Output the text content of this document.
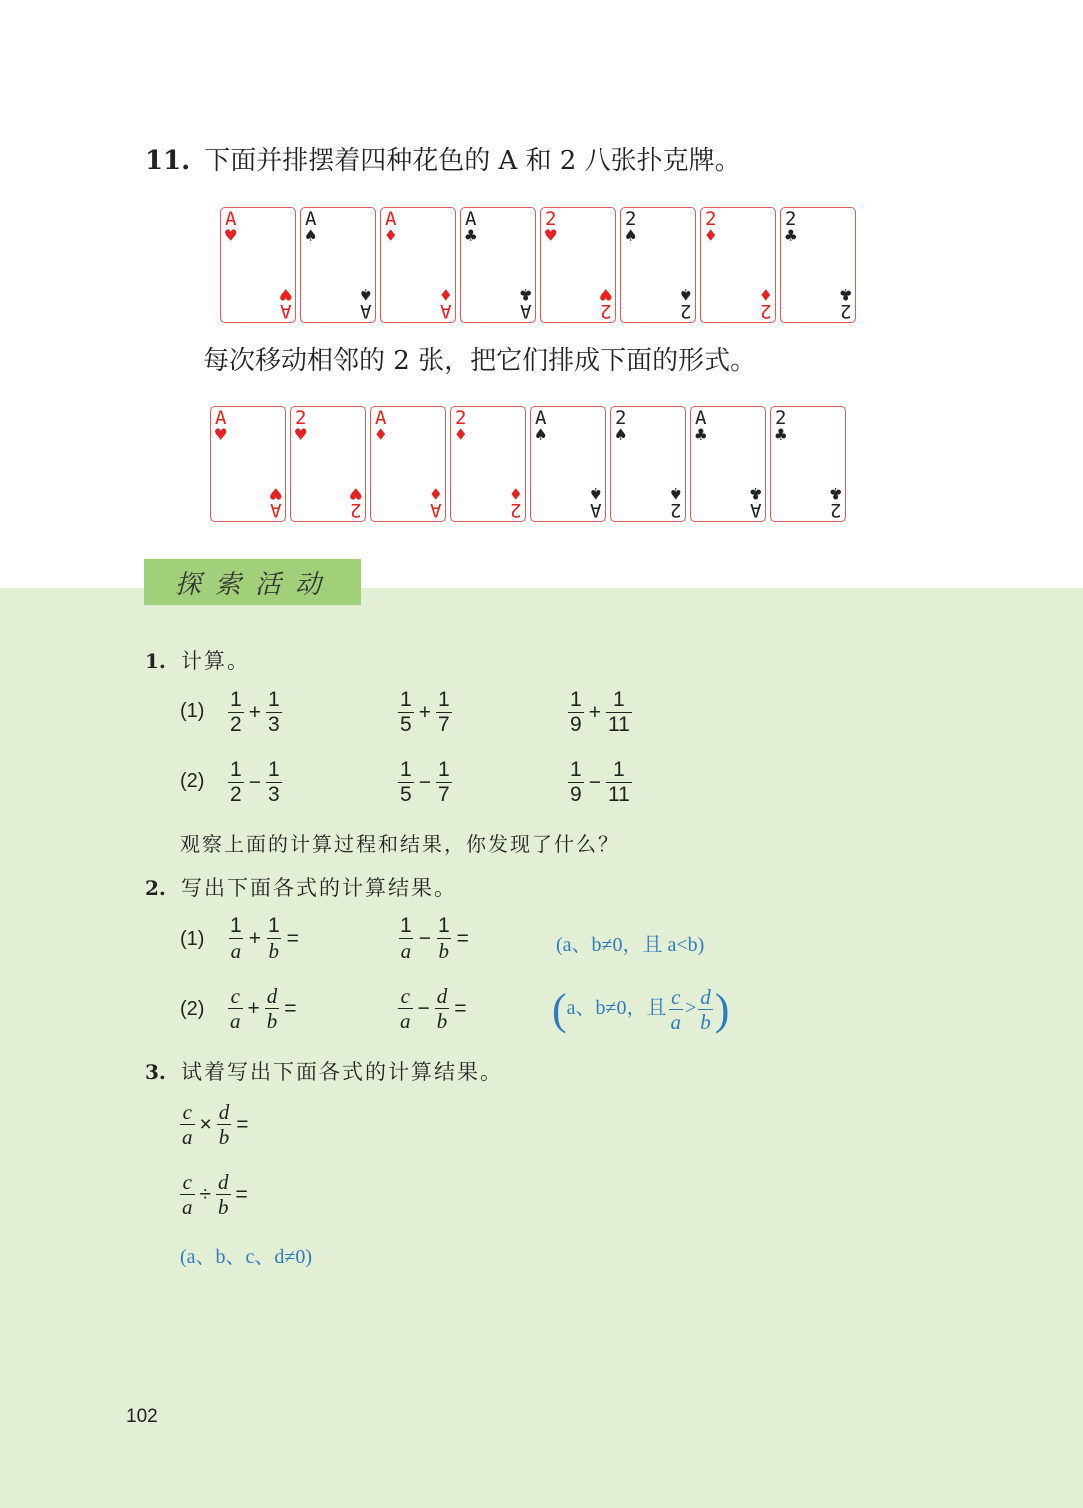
11. 下面并排摆着四种花色的 A 和 2 八张扑克牌。
A
♥
A
♥
A
♠
A
♠
A
♦
A
♦
A
♣
A
♣
2
♥
2
♥
2
♠
2
♠
2
♦
2
♦
2
♣
2
♣
每次移动相邻的 2 张，把它们排成下面的形式。
A
♥
A
♥
2
♥
2
♥
A
♦
A
♦
2
♦
2
♦
A
♠
A
♠
2
♠
2
♠
A
♣
A
♣
2
♣
2
♣
探索活动
1. 计算。
(1)
(2)
$\frac{1}{2} + \frac{1}{3}$	$\frac{1}{5} + \frac{1}{7}$	$\frac{1}{9} + \frac{1}{11}$
$\frac{1}{2} - \frac{1}{3}$	$\frac{1}{5} - \frac{1}{7}$	$\frac{1}{9} - \frac{1}{11}$
观察上面的计算过程和结果，你发现了什么？
2. 写出下面各式的计算结果。
(1)
(2)
$\frac{1}{a} + \frac{1}{b}$ =	$\frac{1}{a} - \frac{1}{b}$ =	(a、b≠0，且 a<b)
$\frac{c}{a} + \frac{d}{b}$ =	$\frac{c}{a} - \frac{d}{b} = (a$、b≠0，且 $\frac{c}{a} > \frac{d}{b}$ )
3. 试着写出下面各式的计算结果。
$\frac{c}{a} \times \frac{d}{b}$ =
$\frac{c}{a} \div \frac{d}{b}$ =
(a、b、c、d≠0)
102
